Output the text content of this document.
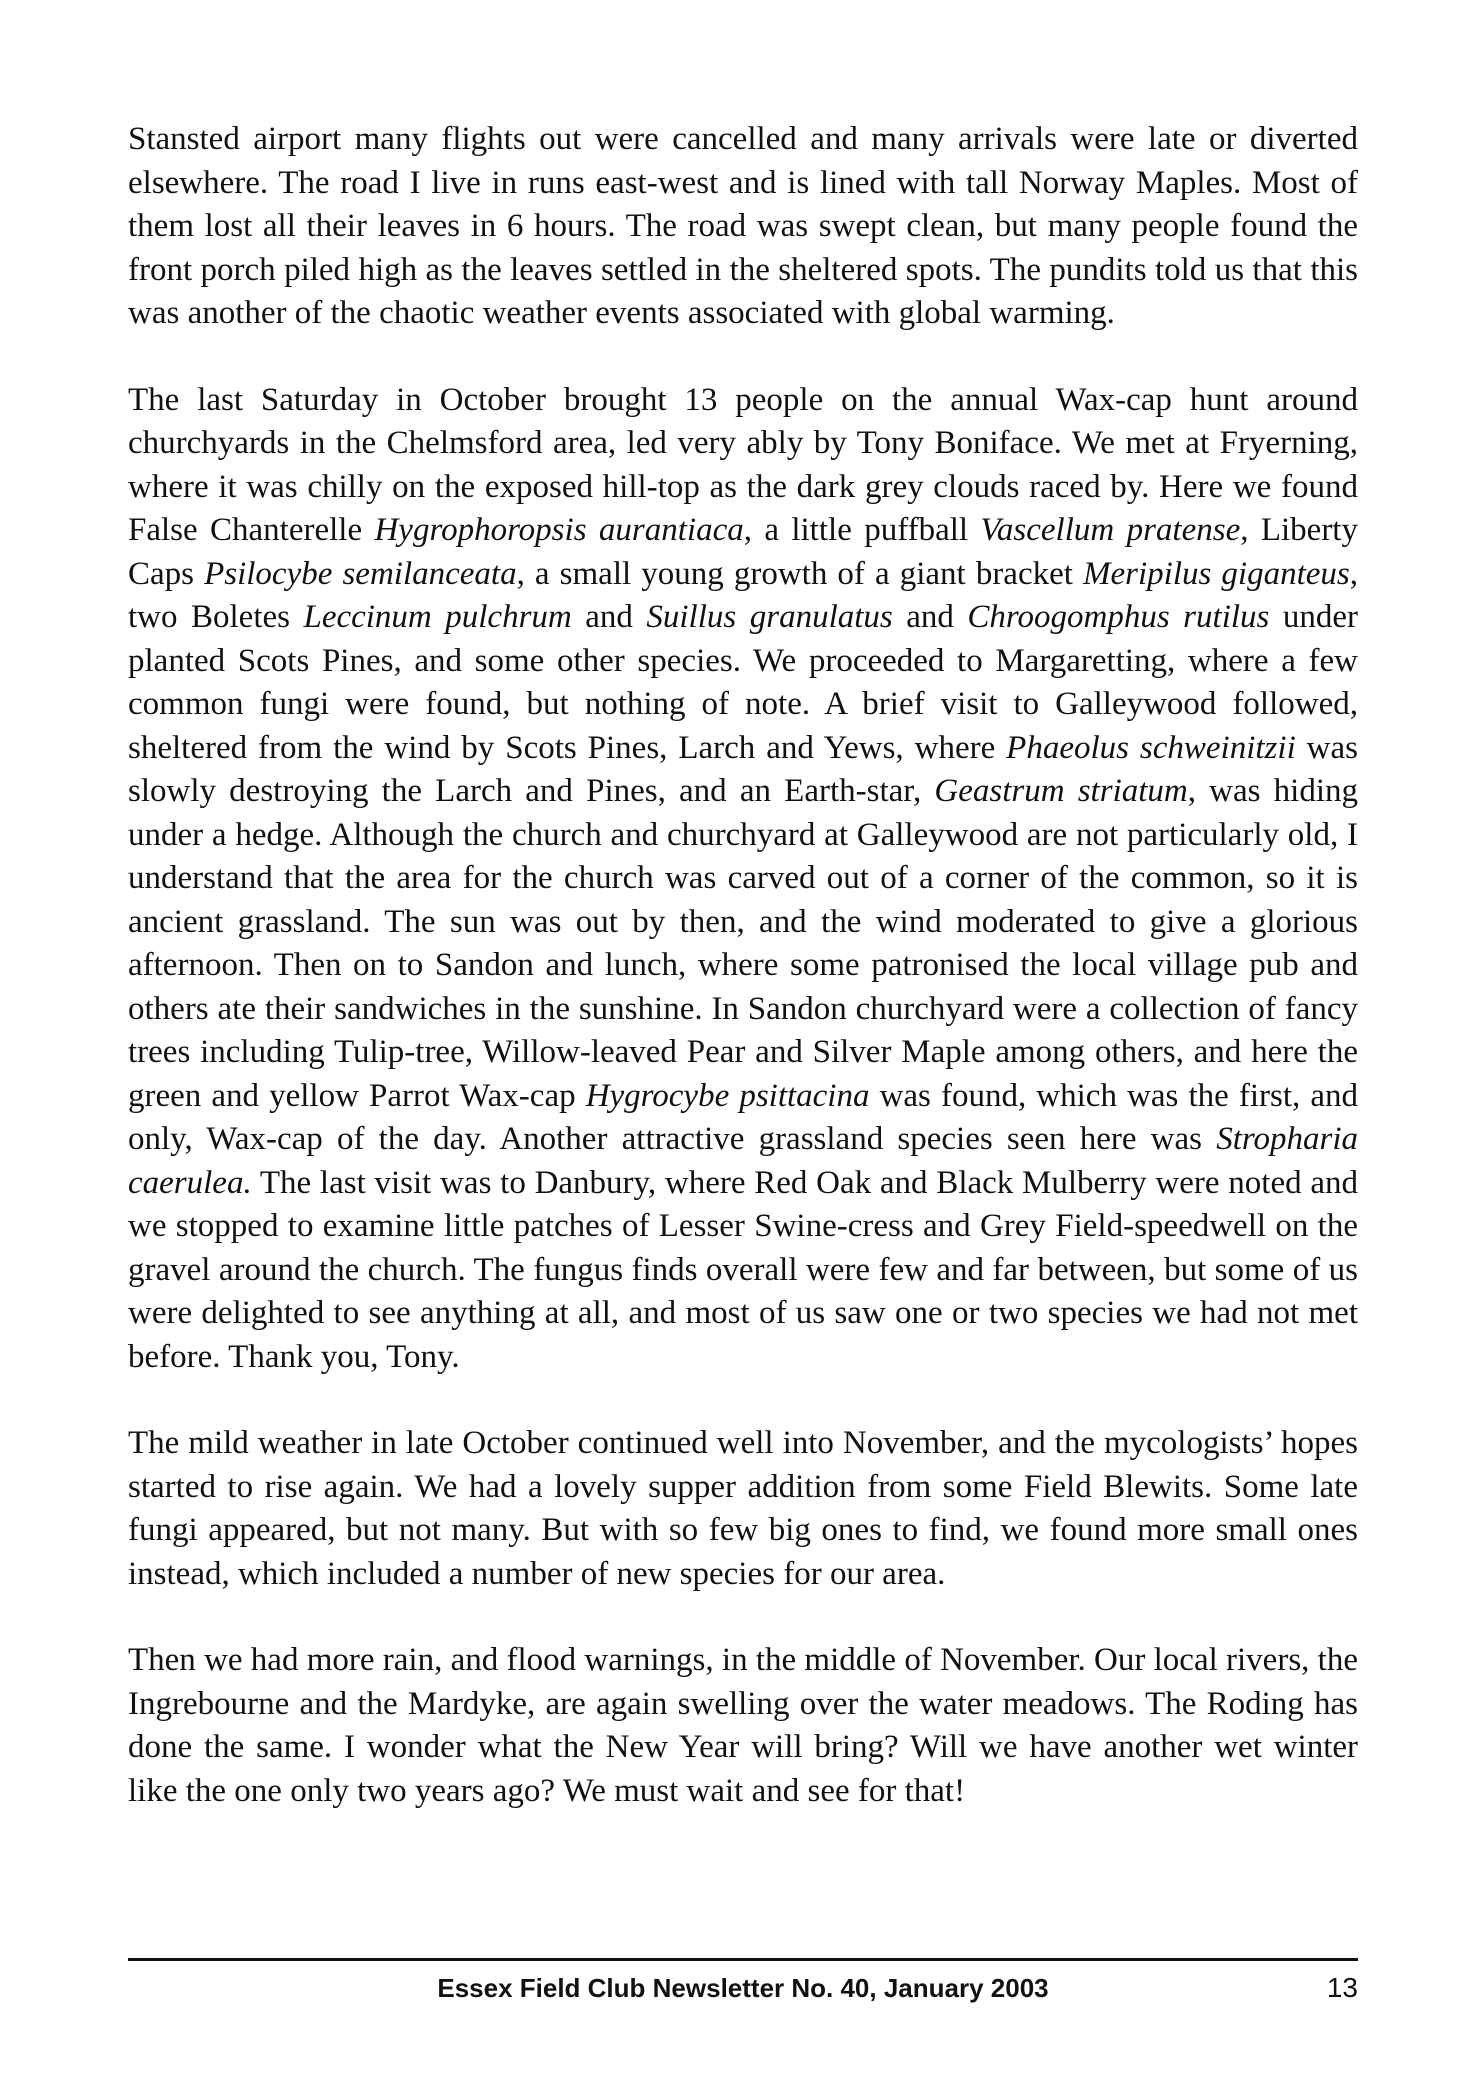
Stansted airport many flights out were cancelled and many arrivals were late or diverted elsewhere. The road I live in runs east-west and is lined with tall Norway Maples. Most of them lost all their leaves in 6 hours. The road was swept clean, but many people found the front porch piled high as the leaves settled in the sheltered spots. The pundits told us that this was another of the chaotic weather events associated with global warming.

The last Saturday in October brought 13 people on the annual Wax-cap hunt around churchyards in the Chelmsford area, led very ably by Tony Boniface. We met at Fryerning, where it was chilly on the exposed hill-top as the dark grey clouds raced by. Here we found False Chanterelle Hygrophoropsis aurantiaca, a little puffball Vascellum pratense, Liberty Caps Psilocybe semilanceata, a small young growth of a giant bracket Meripilus giganteus, two Boletes Leccinum pulchrum and Suillus granulatus and Chroogomphus rutilus under planted Scots Pines, and some other species. We proceeded to Margaretting, where a few common fungi were found, but nothing of note. A brief visit to Galleywood followed, sheltered from the wind by Scots Pines, Larch and Yews, where Phaeolus schweinitzii was slowly destroying the Larch and Pines, and an Earth-star, Geastrum striatum, was hiding under a hedge. Although the church and churchyard at Galleywood are not particularly old, I understand that the area for the church was carved out of a corner of the common, so it is ancient grassland. The sun was out by then, and the wind moderated to give a glorious afternoon. Then on to Sandon and lunch, where some patronised the local village pub and others ate their sandwiches in the sunshine. In Sandon churchyard were a collection of fancy trees including Tulip-tree, Willow-leaved Pear and Silver Maple among others, and here the green and yellow Parrot Wax-cap Hygrocybe psittacina was found, which was the first, and only, Wax-cap of the day. Another attractive grassland species seen here was Stropharia caerulea. The last visit was to Danbury, where Red Oak and Black Mulberry were noted and we stopped to examine little patches of Lesser Swine-cress and Grey Field-speedwell on the gravel around the church. The fungus finds overall were few and far between, but some of us were delighted to see anything at all, and most of us saw one or two species we had not met before. Thank you, Tony.

The mild weather in late October continued well into November, and the mycologists’ hopes started to rise again. We had a lovely supper addition from some Field Blewits. Some late fungi appeared, but not many. But with so few big ones to find, we found more small ones instead, which included a number of new species for our area.

Then we had more rain, and flood warnings, in the middle of November. Our local rivers, the Ingrebourne and the Mardyke, are again swelling over the water meadows. The Roding has done the same. I wonder what the New Year will bring? Will we have another wet winter like the one only two years ago? We must wait and see for that!

Essex Field Club Newsletter No. 40, January 2003	13
